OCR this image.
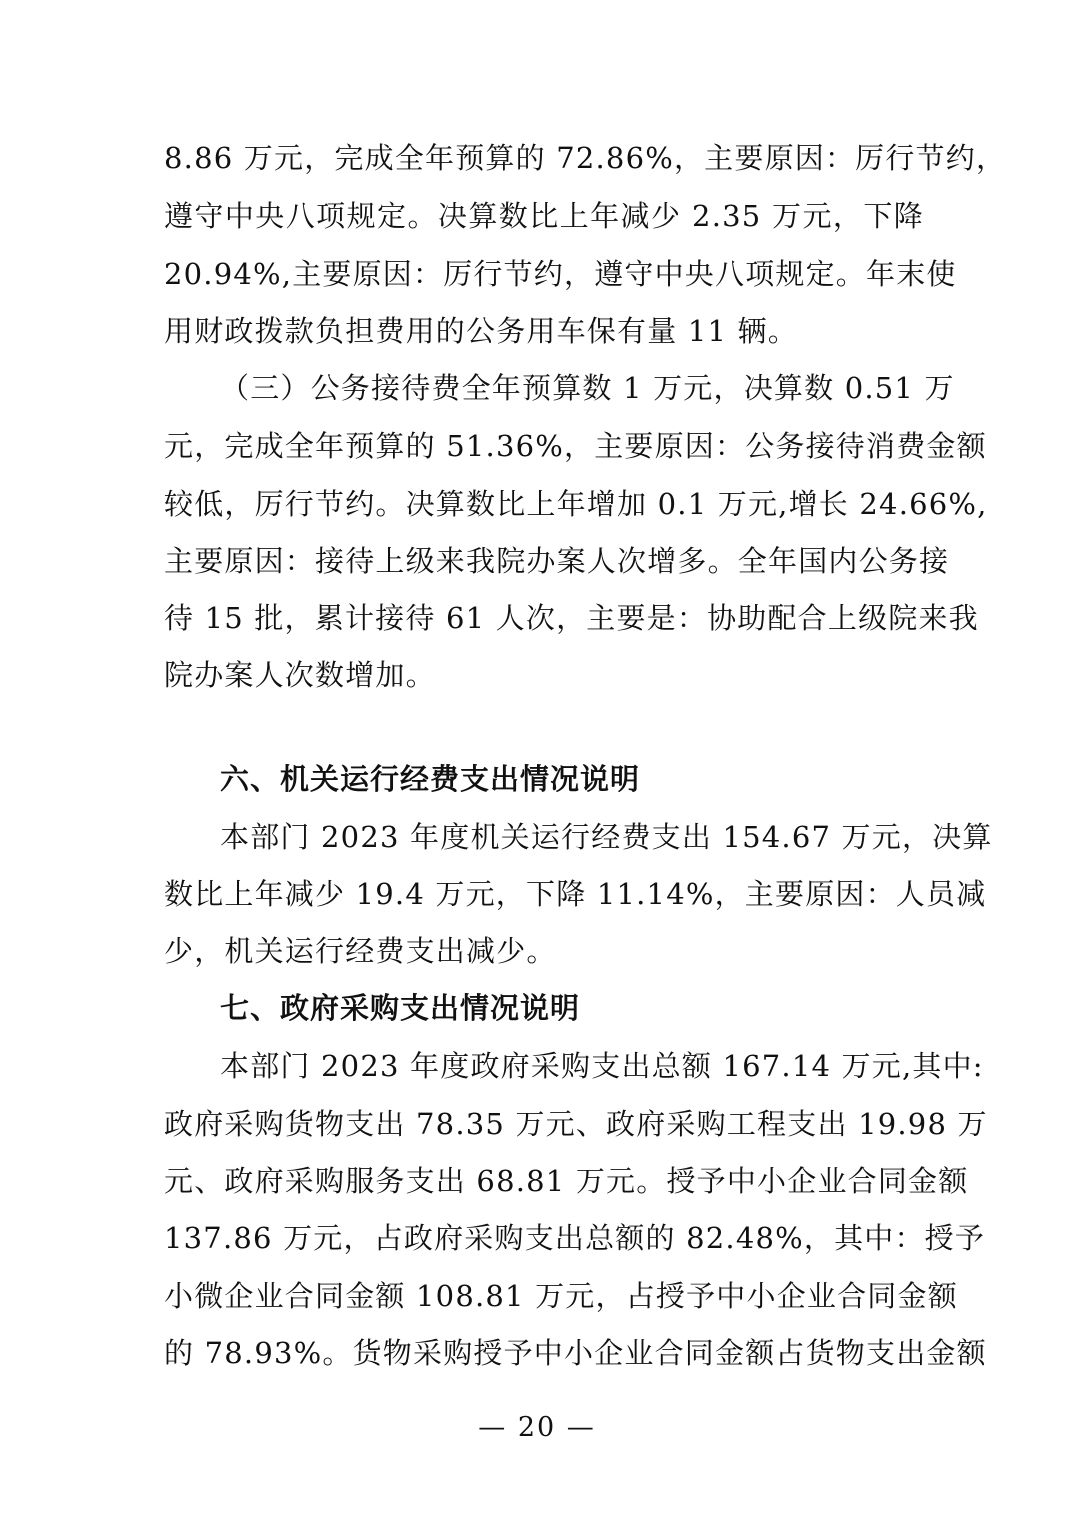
8.86 万元，完成全年预算的 72.86%，主要原因：厉行节约，
遵守中央八项规定。决算数比上年减少 2.35 万元，下降
20.94%,主要原因：厉行节约，遵守中央八项规定。年末使
用财政拨款负担费用的公务用车保有量 11 辆。
（三）公务接待费全年预算数 1 万元，决算数 0.51 万
元，完成全年预算的 51.36%，主要原因：公务接待消费金额
较低，厉行节约。决算数比上年增加 0.1 万元,增长 24.66%,
主要原因：接待上级来我院办案人次增多。全年国内公务接
待 15 批，累计接待 61 人次，主要是：协助配合上级院来我
院办案人次数增加。
六、机关运行经费支出情况说明
本部门 2023 年度机关运行经费支出 154.67 万元，决算
数比上年减少 19.4 万元，下降 11.14%，主要原因：人员减
少，机关运行经费支出减少。
七、政府采购支出情况说明
本部门 2023 年度政府采购支出总额 167.14 万元,其中:
政府采购货物支出 78.35 万元、政府采购工程支出 19.98 万
元、政府采购服务支出 68.81 万元。授予中小企业合同金额
137.86 万元，占政府采购支出总额的 82.48%，其中：授予
小微企业合同金额 108.81 万元，占授予中小企业合同金额
的 78.93%。货物采购授予中小企业合同金额占货物支出金额
— 20 —
